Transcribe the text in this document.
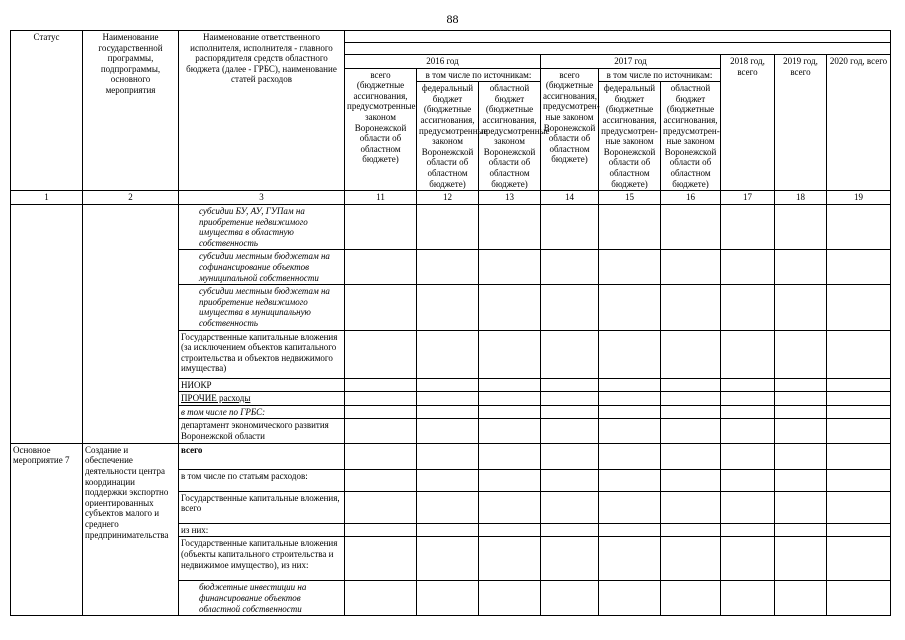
88
Статус	Наименование государственной программы, подпрограммы, основного мероприятия	Наименование ответственного исполнителя, исполнителя - главного распорядителя средств областного бюджета (далее - ГРБС), наименование статей расходов									

			2016 год			2017 год			2018 год, всего	2019 год, всего	2020 год, всего
			всего (бюджетные ассигнования, предусмотренные законом Воронежской области об областном бюджете)	в том числе по источникам:		всего (бюджетные ассигнования, предусмотрен-ные законом Воронежской области об областном бюджете)	в том числе по источникам:				
				федеральный бюджет (бюджетные ассигнования, предусмотренные законом Воронежской области об областном бюджете)	областной бюджет (бюджетные ассигнования, предусмотренные законом Воронежской области об областном бюджете)		федеральный бюджет (бюджетные ассигнования, предусмотрен-ные законом Воронежской области об областном бюджете)	областной бюджет (бюджетные ассигнования, предусмотрен-ные законом Воронежской области об областном бюджете)			
1	2	3	11	12	13	14	15	16	17	18	19
		субсидии БУ, АУ, ГУПам на приобретение недвижимого имущества в областную собственность									
		субсидии местным бюджетам на софинансирование объектов муниципальной собственности									
		субсидии местным бюджетам на приобретение недвижимого имущества в муниципальную собственность									
		Государственные капитальные вложения (за исключением объектов капитального строительства и объектов недвижимого имущества)									
		НИОКР									
		ПРОЧИЕ расходы									
		в том числе по ГРБС:									
		департамент экономического развития Воронежской области									
Основное мероприятие 7	Создание и обеспечение деятельности центра координации поддержки экспортно ориентированных субъектов малого и среднего предпринимательства	всего									
		в том числе по статьям расходов:									
		Государственные капитальные вложения, всего									
		из них:									
		Государственные капитальные вложения (объекты капитального строительства и недвижимое имущество), из них:									
		бюджетные инвестиции на финансирование объектов областной собственности									
